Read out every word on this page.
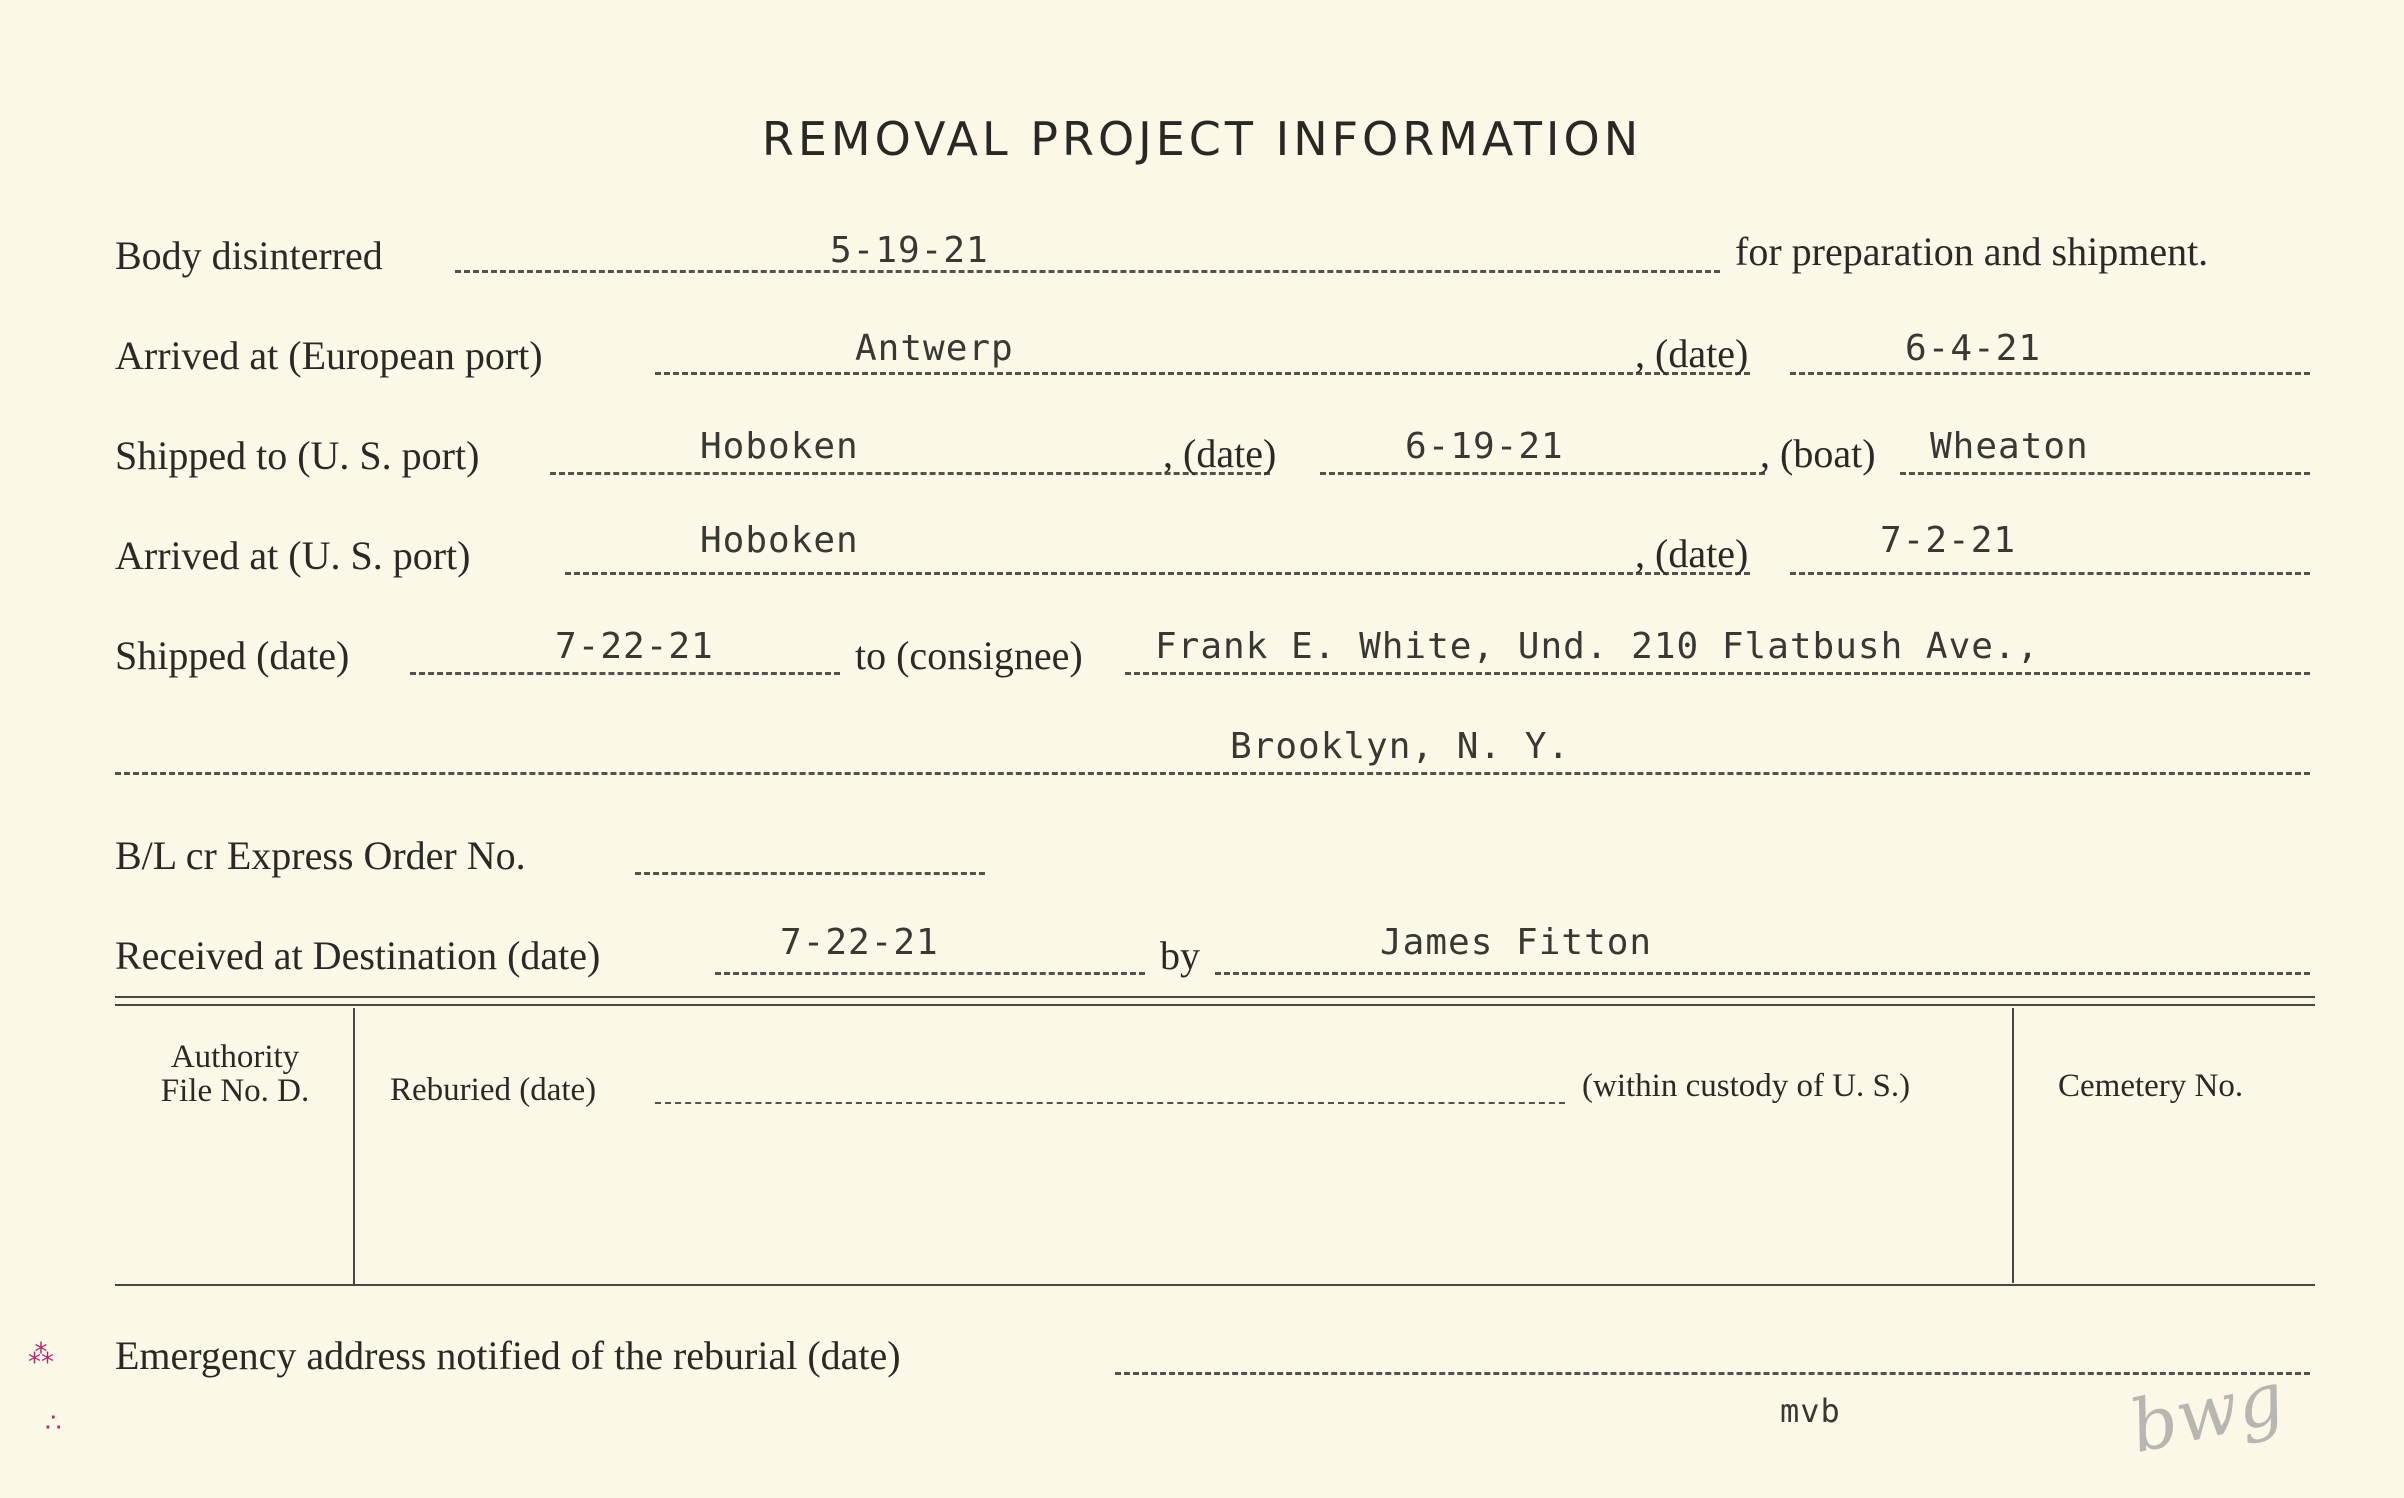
REMOVAL PROJECT INFORMATION
Body disinterred	5-19-21	for preparation and shipment.
Arrived at (European port)	Antwerp	, (date)	6-4-21
Shipped to (U. S. port)	Hoboken	, (date)	6-19-21	, (boat) Wheaton
Arrived at (U. S. port)	Hoboken	, (date)	7-2-21
Shipped (date)	7-22-21	to (consignee) Frank E. White, Und. 210 Flatbush Ave.,
Brooklyn, N. Y.
B/L cr Express Order No.
Received at Destination (date)	7-22-21	by	James Fitton
Authority
File No. D.	Reburied (date)	(within custody of U. S.)	Cemetery No.
Emergency address notified of the reburial (date)
mvb	bwg
⁂
∴
